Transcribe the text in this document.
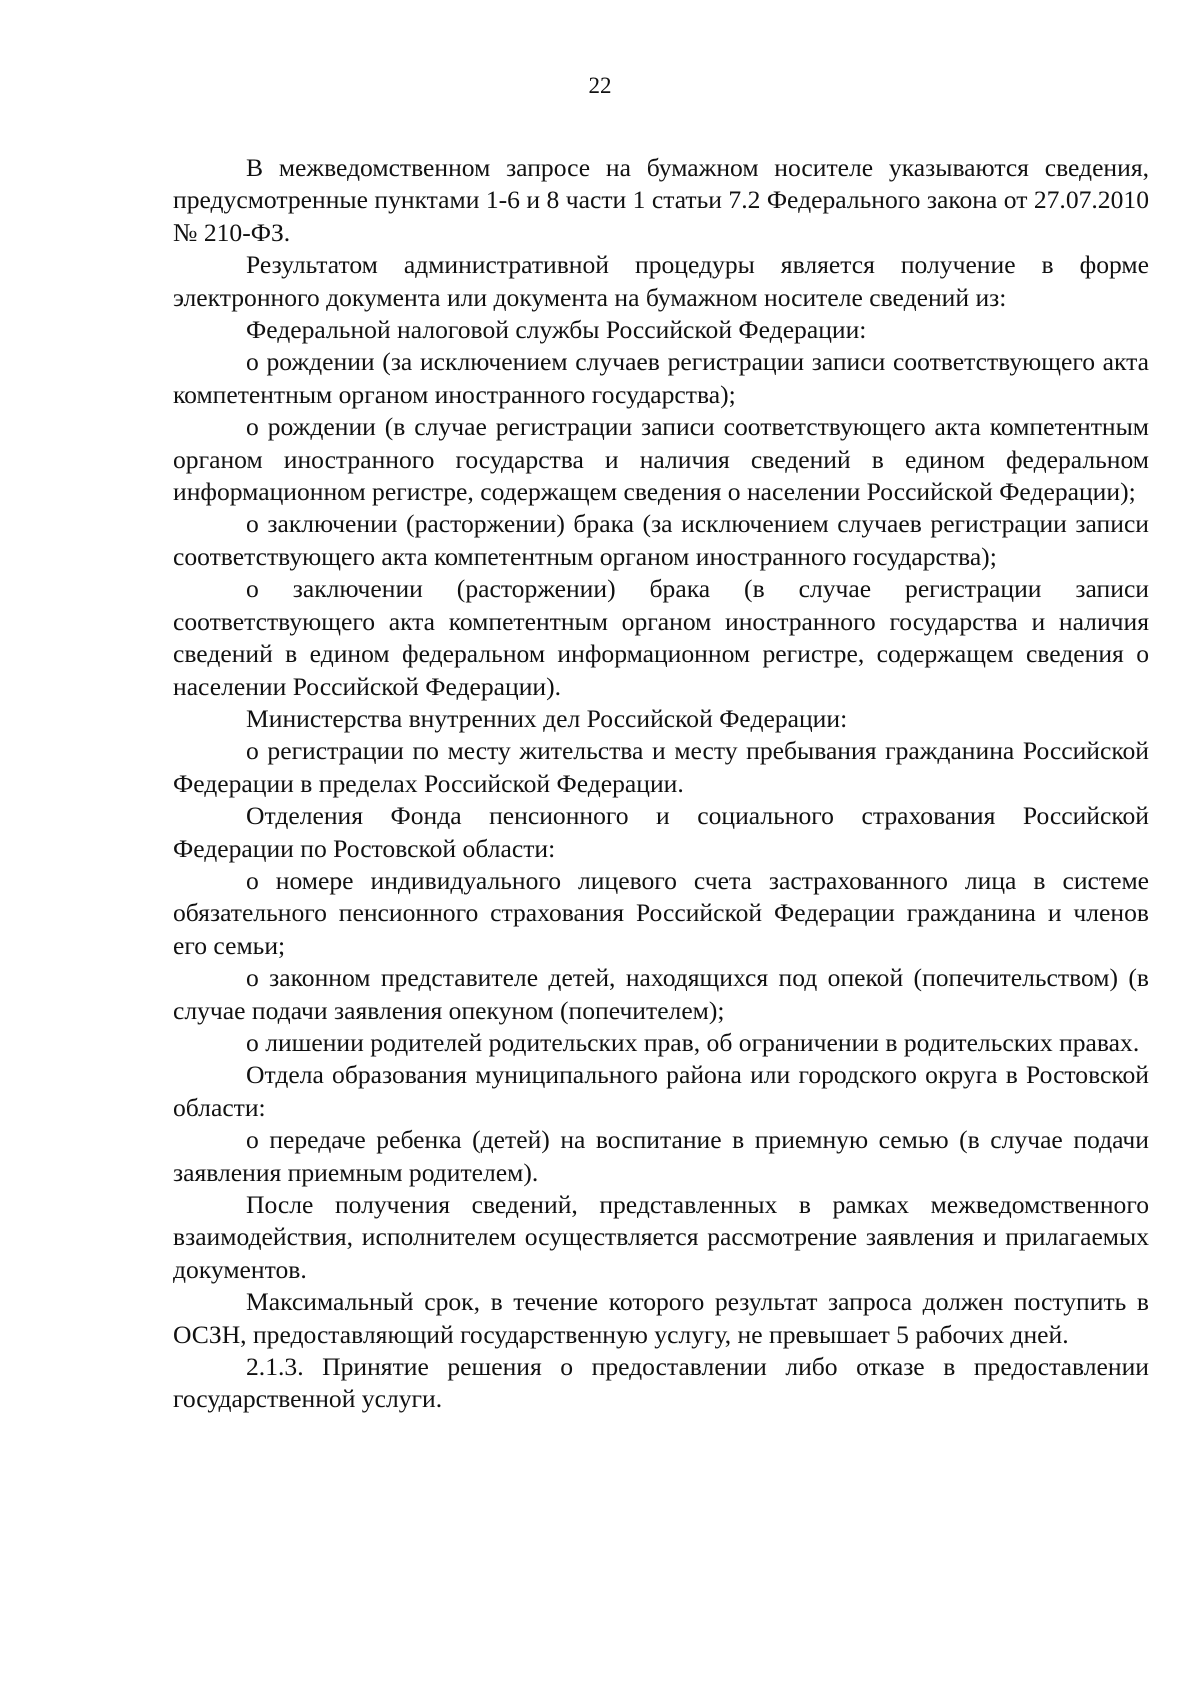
22

В межведомственном запросе на бумажном носителе указываются сведения, предусмотренные пунктами 1-6 и 8 части 1 статьи 7.2 Федерального закона от 27.07.2010 № 210-ФЗ.

Результатом административной процедуры является получение в форме электронного документа или документа на бумажном носителе сведений из:

Федеральной налоговой службы Российской Федерации:

о рождении (за исключением случаев регистрации записи соответствующего акта компетентным органом иностранного государства);

о рождении (в случае регистрации записи соответствующего акта компетентным органом иностранного государства и наличия сведений в едином федеральном информационном регистре, содержащем сведения о населении Российской Федерации);

о заключении (расторжении) брака (за исключением случаев регистрации записи соответствующего акта компетентным органом иностранного государства);

о заключении (расторжении) брака (в случае регистрации записи соответствующего акта компетентным органом иностранного государства и наличия сведений в едином федеральном информационном регистре, содержащем сведения о населении Российской Федерации).

Министерства внутренних дел Российской Федерации:

о регистрации по месту жительства и месту пребывания гражданина Российской Федерации в пределах Российской Федерации.

Отделения Фонда пенсионного и социального страхования Российской Федерации по Ростовской области:

о номере индивидуального лицевого счета застрахованного лица в системе обязательного пенсионного страхования Российской Федерации гражданина и членов его семьи;

о законном представителе детей, находящихся под опекой (попечительством) (в случае подачи заявления опекуном (попечителем);

о лишении родителей родительских прав, об ограничении в родительских правах.

Отдела образования муниципального района или городского округа в Ростовской области:

о передаче ребенка (детей) на воспитание в приемную семью (в случае подачи заявления приемным родителем).

После получения сведений, представленных в рамках межведомственного взаимодействия, исполнителем осуществляется рассмотрение заявления и прилагаемых документов.

Максимальный срок, в течение которого результат запроса должен поступить в ОСЗН, предоставляющий государственную услугу, не превышает 5 рабочих дней.

2.1.3. Принятие решения о предоставлении либо отказе в предоставлении государственной услуги.
